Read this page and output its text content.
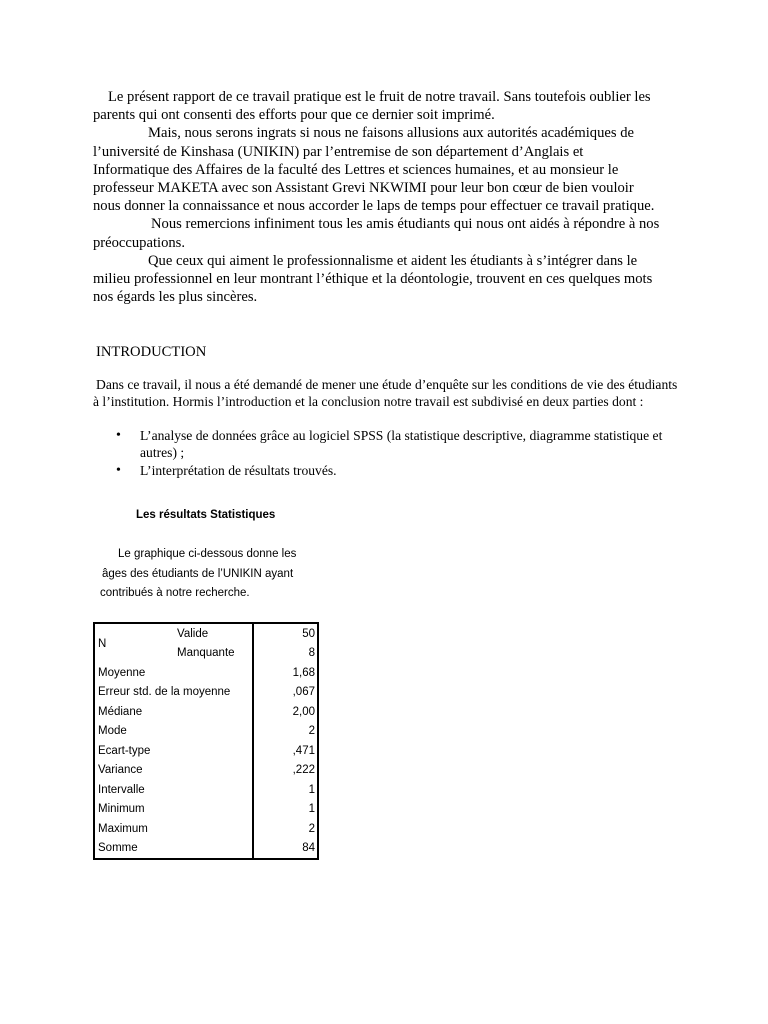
Le présent rapport de ce travail pratique est le fruit de notre travail. Sans toutefois oublier les parents qui ont consenti des efforts pour que ce dernier soit imprimé.
Mais, nous serons ingrats si nous ne faisons allusions aux autorités académiques de l’université de Kinshasa (UNIKIN) par l’entremise de son département d’Anglais et Informatique des Affaires de la faculté des Lettres et sciences humaines, et au monsieur le professeur MAKETA avec son Assistant Grevi NKWIMI pour leur bon cœur de bien vouloir nous donner la connaissance et nous accorder le laps de temps pour effectuer ce travail pratique.
Nous remercions infiniment tous les amis étudiants qui nous ont aidés à répondre à nos préoccupations.
Que ceux qui aiment le professionnalisme et aident les étudiants à s’intégrer dans le milieu professionnel en leur montrant l’éthique et la déontologie, trouvent en ces quelques mots nos égards les plus sincères.
INTRODUCTION
Dans ce travail, il nous a été demandé de mener une étude d’enquête sur les conditions de vie des étudiants à l’institution. Hormis l’introduction et la conclusion notre travail est subdivisé en deux parties dont :
• L’analyse de données grâce au logiciel SPSS (la statistique descriptive, diagramme statistique et autres) ;
• L’interprétation de résultats trouvés.
Les résultats Statistiques
Le graphique ci-dessous donne les
âges des étudiants de l’UNIKIN ayant
contribués à notre recherche.
N	Valide	50
	Manquante	8
Moyenne		1,68
Erreur std. de la moyenne		,067
Médiane		2,00
Mode		2
Ecart-type		,471
Variance		,222
Intervalle		1
Minimum		1
Maximum		2
Somme		84
